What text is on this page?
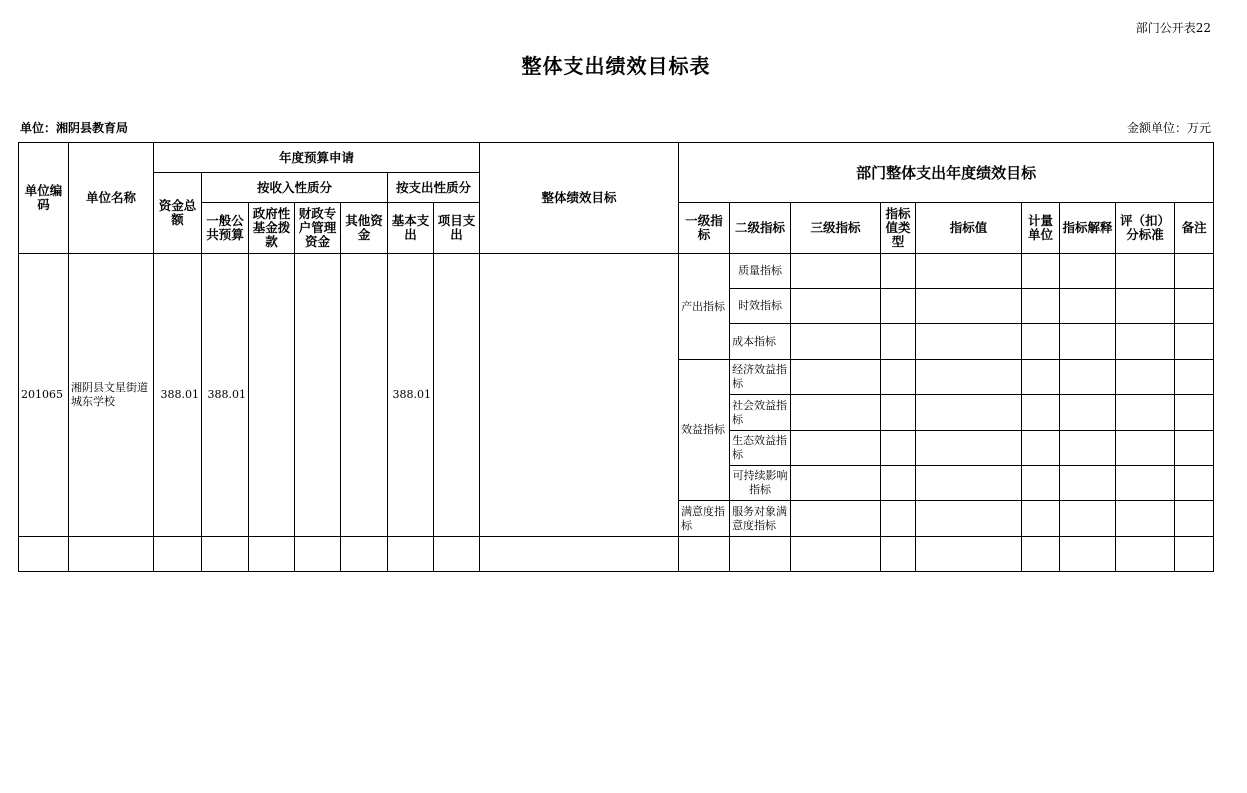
部门公开表22
整体支出绩效目标表
单位：湘阴县教育局	金额单位：万元
单位编码	单位名称	年度预算申请							整体绩效目标	部门整体支出年度绩效目标								
		资金总额	按收入性质分				按支出性质分											
			一般公共预算	政府性基金拨款	财政专户管理资金	其他资金	基本支出	项目支出		一级指标	二级指标	三级指标	指标值类型	指标值	计量单位	指标解释	评（扣）分标准	备注
201065	湘阴县文星街道城东学校	388.01	388.01				388.01			产出指标	质量指标							
											时效指标							
											成本指标							
										效益指标	经济效益指标							
											社会效益指标							
											生态效益指标							
											可持续影响指标							
										满意度指标	服务对象满意度指标							
